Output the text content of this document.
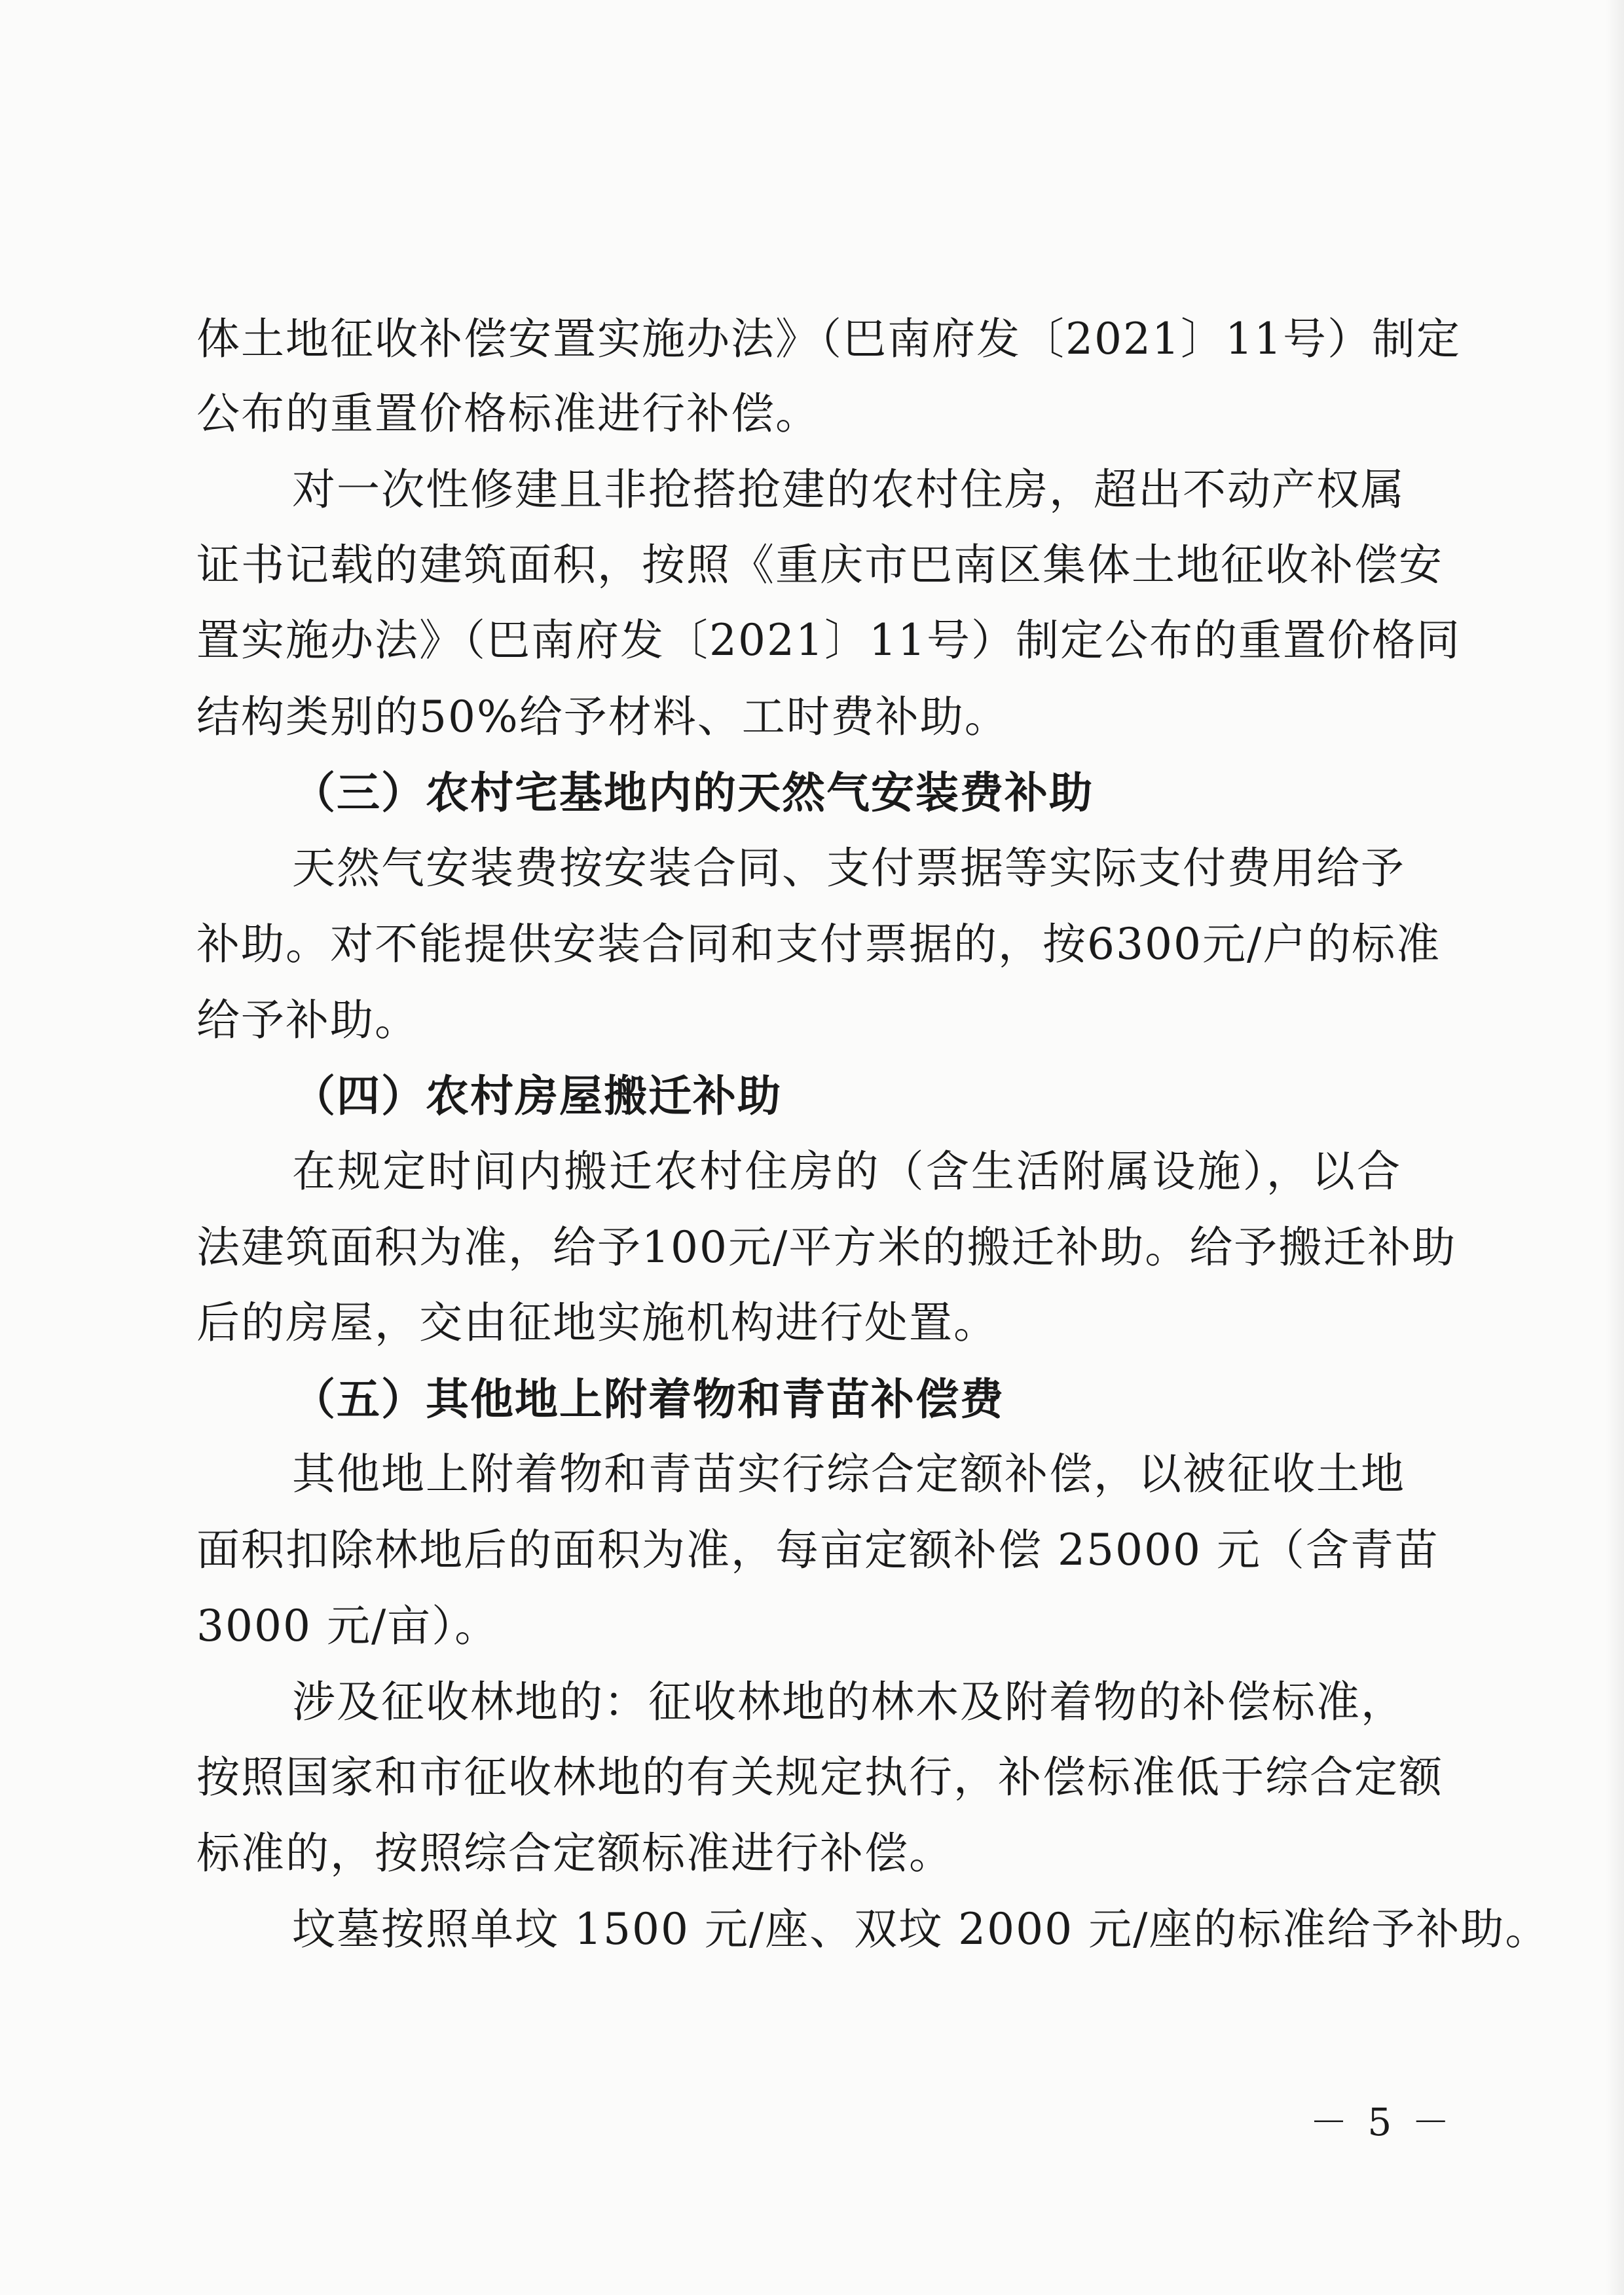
体土地征收补偿安置实施办法》（巴南府发〔2021〕11号）制定
公布的重置价格标准进行补偿。
对一次性修建且非抢搭抢建的农村住房，超出不动产权属
证书记载的建筑面积，按照《重庆市巴南区集体土地征收补偿安
置实施办法》（巴南府发〔2021〕11号）制定公布的重置价格同
结构类别的50%给予材料、工时费补助。
（三）农村宅基地内的天然气安装费补助
天然气安装费按安装合同、支付票据等实际支付费用给予
补助。对不能提供安装合同和支付票据的，按6300元/户的标准
给予补助。
（四）农村房屋搬迁补助
在规定时间内搬迁农村住房的（含生活附属设施），以合
法建筑面积为准，给予100元/平方米的搬迁补助。给予搬迁补助
后的房屋，交由征地实施机构进行处置。
（五）其他地上附着物和青苗补偿费
其他地上附着物和青苗实行综合定额补偿，以被征收土地
面积扣除林地后的面积为准，每亩定额补偿 25000 元（含青苗
3000 元/亩）。
涉及征收林地的：征收林地的林木及附着物的补偿标准，
按照国家和市征收林地的有关规定执行，补偿标准低于综合定额
标准的，按照综合定额标准进行补偿。
坟墓按照单坟 1500 元/座、双坟 2000 元/座的标准给予补助。
－ 5 －
